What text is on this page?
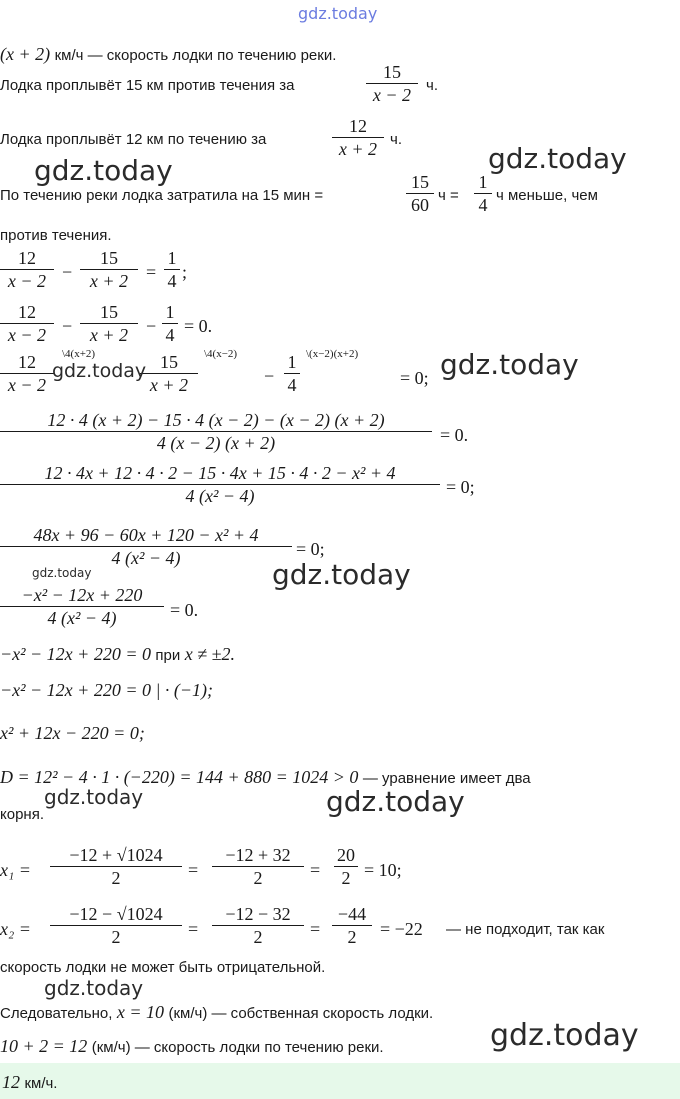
gdz.today
(x + 2) км/ч — скорость лодки по течению реки.
Лодка проплывёт 15 км против течения за
15
x − 2 ч.
Лодка проплывёт 12 км по течению за
12
x + 2 ч.
gdz.today	gdz.today
По течению реки лодка затратила на 15 мин =
15
60 ч =
1
4 ч меньше, чем
против течения.
12
x − 2 −
15
x + 2 =
1
4 ;
12
x − 2 −
15
x + 2 −
1
4 = 0.
12
x − 2
\4(x+2)	15
x + 2
\4(x−2)
−
1
4
\(x−2)(x+2)
= 0;
gdz.today	gdz.today
12 · 4 (x + 2) − 15 · 4 (x − 2) − (x − 2) (x + 2)
4 (x − 2) (x + 2)	= 0.
12 · 4x + 12 · 4 · 2 − 15 · 4x + 15 · 4 · 2 − x² + 4
4 (x² − 4)	= 0;
48x + 96 − 60x + 120 − x² + 4
4 (x² − 4)	= 0;
gdz.today	gdz.today
−x² − 12x + 220
4 (x² − 4)	= 0.
−x² − 12x + 220 = 0 при x ≠ ±2.
−x² − 12x + 220 = 0 | · (−1);
x² + 12x − 220 = 0;
D = 12² − 4 · 1 · (−220) = 144 + 880 = 1024 > 0 — уравнение имеет два
корня.
gdz.today	gdz.today
x₁ =
−12 + √1024
2	=
−12 + 32
2	=
20
2 = 10;
x₂ =
−12 − √1024
2	=
−12 − 32
2	=
−44
2	= −22 — не подходит, так как
скорость лодки не может быть отрицательной.
gdz.today
Следовательно, x = 10 (км/ч) — собственная скорость лодки.
10 + 2 = 12 (км/ч) — скорость лодки по течению реки.	gdz.today
12 км/ч.
